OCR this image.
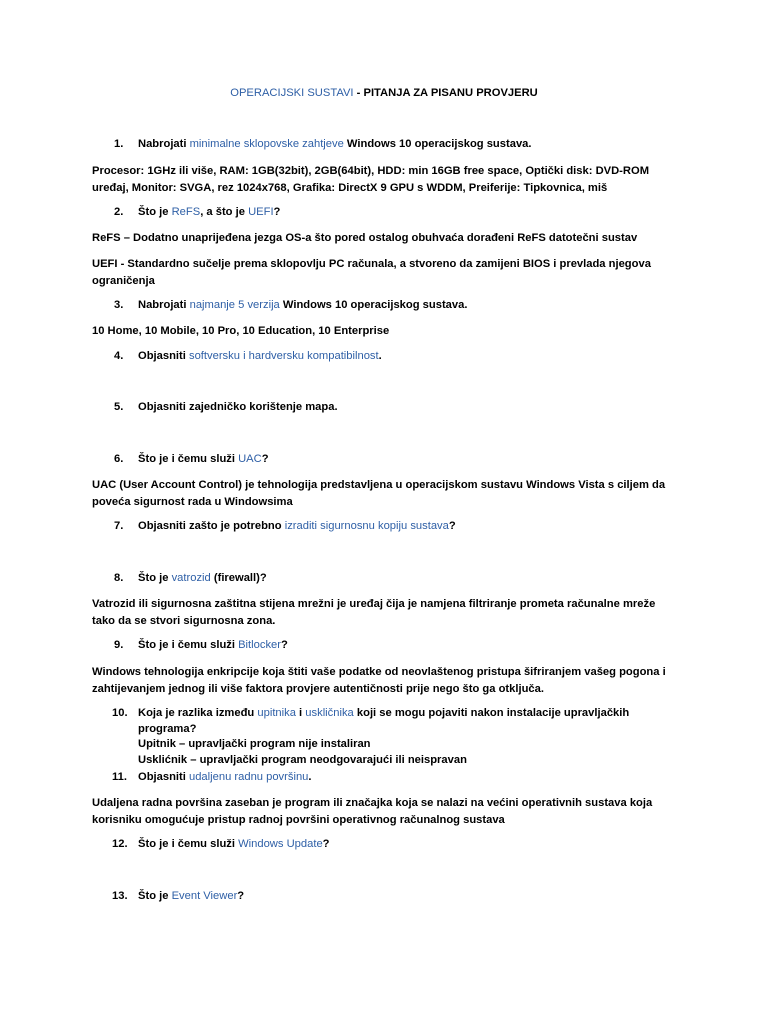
OPERACIJSKI SUSTAVI - PITANJA ZA PISANU PROVJERU
1. Nabrojati minimalne sklopovske zahtjeve Windows 10 operacijskog sustava.
Procesor: 1GHz ili više, RAM: 1GB(32bit), 2GB(64bit), HDD: min 16GB free space, Optički disk: DVD-ROM
uređaj, Monitor: SVGA, rez 1024x768, Grafika: DirectX 9 GPU s WDDM, Preiferije: Tipkovnica, miš
2. Što je ReFS, a što je UEFI?
ReFS – Dodatno unaprijeđena jezga OS-a što pored ostalog obuhvaća dorađeni ReFS datotečni sustav
UEFI - Standardno sučelje prema sklopovlju PC računala, a stvoreno da zamijeni BIOS i prevlada njegova
ograničenja
3. Nabrojati najmanje 5 verzija Windows 10 operacijskog sustava.
10 Home, 10 Mobile, 10 Pro, 10 Education, 10 Enterprise
4. Objasniti softversku i hardversku kompatibilnost.
5. Objasniti zajedničko korištenje mapa.
6. Što je i čemu služi UAC?
UAC (User Account Control) je tehnologija predstavljena u operacijskom sustavu Windows Vista s ciljem da
poveća sigurnost rada u Windowsima
7. Objasniti zašto je potrebno izraditi sigurnosnu kopiju sustava?
8. Što je vatrozid (firewall)?
Vatrozid ili sigurnosna zaštitna stijena mrežni je uređaj čija je namjena filtriranje prometa računalne mreže
tako da se stvori sigurnosna zona.
9. Što je i čemu služi Bitlocker?
Windows tehnologija enkripcije koja štiti vaše podatke od neovlaštenog pristupa šifriranjem vašeg pogona i
zahtijevanjem jednog ili više faktora provjere autentičnosti prije nego što ga otključa.
10. Koja je razlika između upitnika i uskličnika koji se mogu pojaviti nakon instalacije upravljačkih
programa?
Upitnik – upravljački program nije instaliran
Usklićnik – upravljački program neodgovarajući ili neispravan
11. Objasniti udaljenu radnu površinu.
Udaljena radna površina zaseban je program ili značajka koja se nalazi na većini operativnih sustava koja
korisniku omogućuje pristup radnoj površini operativnog računalnog sustava
12. Što je i čemu služi Windows Update?
13. Što je Event Viewer?
